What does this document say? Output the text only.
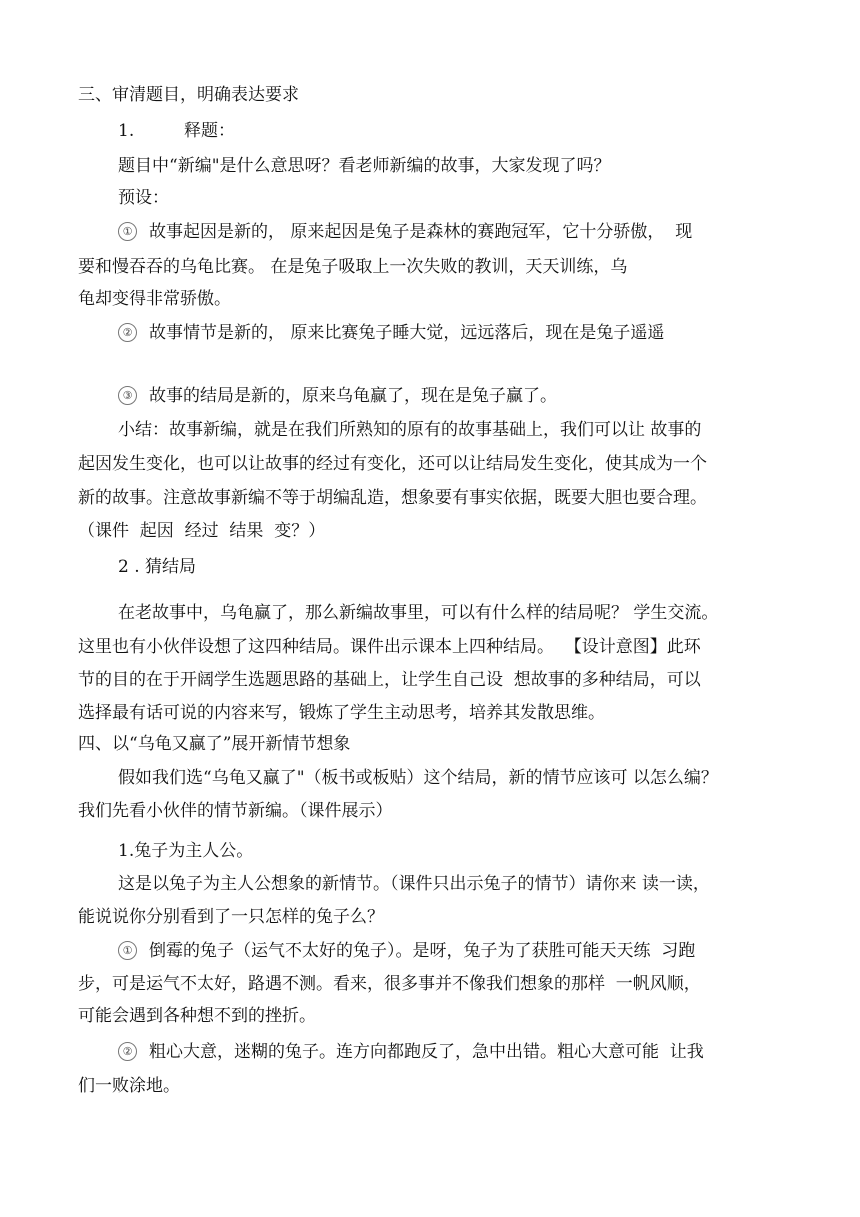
三、审清题目，明确表达要求
1.	释题：
题目中“新编"是什么意思呀？看老师新编的故事，大家发现了吗？
预设：
① 故事起因是新的， 原来起因是兔子是森林的赛跑冠军，它十分骄傲，  现
要和慢吞吞的乌龟比赛。 在是兔子吸取上一次失败的教训，天天训练，乌
龟却变得非常骄傲。
② 故事情节是新的， 原来比赛兔子睡大觉，远远落后，现在是兔子遥遥
③ 故事的结局是新的，原来乌龟赢了，现在是兔子赢了。
小结：故事新编，就是在我们所熟知的原有的故事基础上，我们可以让 故事的
起因发生变化，也可以让故事的经过有变化，还可以让结局发生变化，使其成为一个
新的故事。注意故事新编不等于胡编乱造，想象要有事实依据，既要大胆也要合理。
（课件  起因  经过  结果  变？）
2 . 猜结局
在老故事中，乌龟赢了，那么新编故事里，可以有什么样的结局呢？ 学生交流。
这里也有小伙伴设想了这四种结局。课件出示课本上四种结局。  【设计意图】此环
节的目的在于开阔学生选题思路的基础上，让学生自己设  想故事的多种结局，可以
选择最有话可说的内容来写，锻炼了学生主动思考，培养其发散思维。
四、以“乌龟又赢了”展开新情节想象
假如我们选“乌龟又赢了"（板书或板贴）这个结局，新的情节应该可 以怎么编？
我们先看小伙伴的情节新编。（课件展示）
1.兔子为主人公。
这是以兔子为主人公想象的新情节。（课件只出示兔子的情节）请你来 读一读，
能说说你分别看到了一只怎样的兔子么？
① 倒霉的兔子（运气不太好的兔子）。是呀，兔子为了获胜可能天天练  习跑
步，可是运气不太好，路遇不测。看来，很多事并不像我们想象的那样  一帆风顺，
可能会遇到各种想不到的挫折。
② 粗心大意，迷糊的兔子。连方向都跑反了，急中出错。粗心大意可能  让我
们一败涂地。
